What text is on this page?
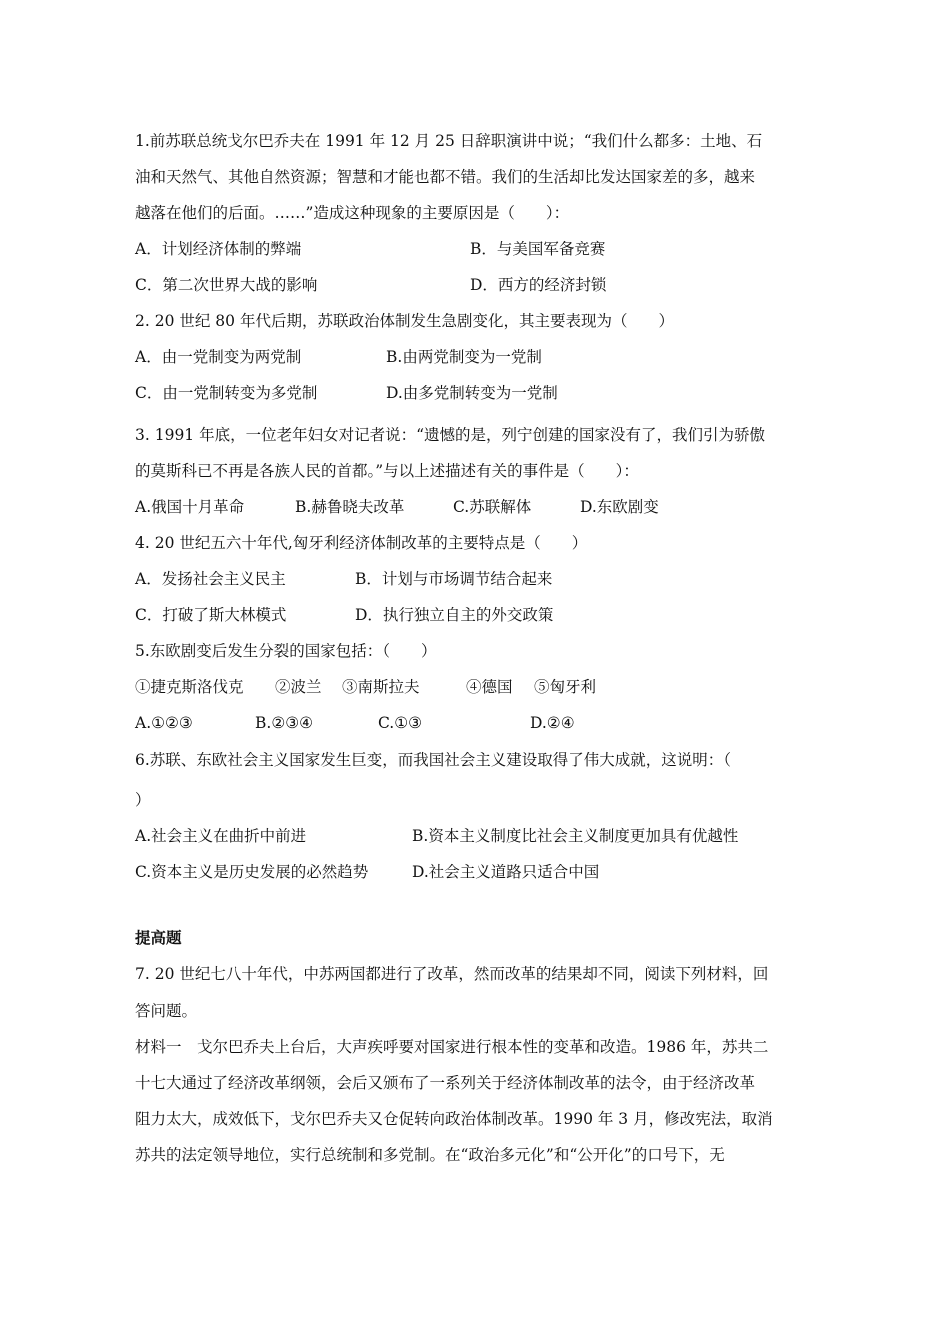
1.前苏联总统戈尔巴乔夫在 1991 年 12 月 25 日辞职演讲中说；“我们什么都多：土地、石
油和天然气、其他自然资源；智慧和才能也都不错。我们的生活却比发达国家差的多，越来
越落在他们的后面。……”造成这种现象的主要原因是（　　）：
A．计划经济体制的弊端	B．与美国军备竞赛
C．第二次世界大战的影响	D．西方的经济封锁
2. 20 世纪 80 年代后期，苏联政治体制发生急剧变化，其主要表现为（　　）
A．由一党制变为两党制	B.由两党制变为一党制
C．由一党制转变为多党制	D.由多党制转变为一党制
3. 1991 年底，一位老年妇女对记者说：“遗憾的是，列宁创建的国家没有了，我们引为骄傲
的莫斯科已不再是各族人民的首都。”与以上述描述有关的事件是（　　）：
A.俄国十月革命	B.赫鲁晓夫改革	C.苏联解体	D.东欧剧变
4. 20 世纪五六十年代,匈牙利经济体制改革的主要特点是（　　）
A．发扬社会主义民主	B．计划与市场调节结合起来
C．打破了斯大林模式	D．执行独立自主的外交政策
5.东欧剧变后发生分裂的国家包括：（　　）
①捷克斯洛伐克 ②波兰 ③南斯拉夫	④德国 ⑤匈牙利
A.①②③	B.②③④	C.①③	D.②④
6.苏联、东欧社会主义国家发生巨变，而我国社会主义建设取得了伟大成就，这说明：（
）
A.社会主义在曲折中前进	B.资本主义制度比社会主义制度更加具有优越性
C.资本主义是历史发展的必然趋势	D.社会主义道路只适合中国
提高题
7. 20 世纪七八十年代，中苏两国都进行了改革，然而改革的结果却不同，阅读下列材料，回
答问题。
材料一　戈尔巴乔夫上台后，大声疾呼要对国家进行根本性的变革和改造。1986 年，苏共二
十七大通过了经济改革纲领，会后又颁布了一系列关于经济体制改革的法令，由于经济改革
阻力太大，成效低下，戈尔巴乔夫又仓促转向政治体制改革。1990 年 3 月，修改宪法，取消
苏共的法定领导地位，实行总统制和多党制。在“政治多元化”和“公开化”的口号下，无
